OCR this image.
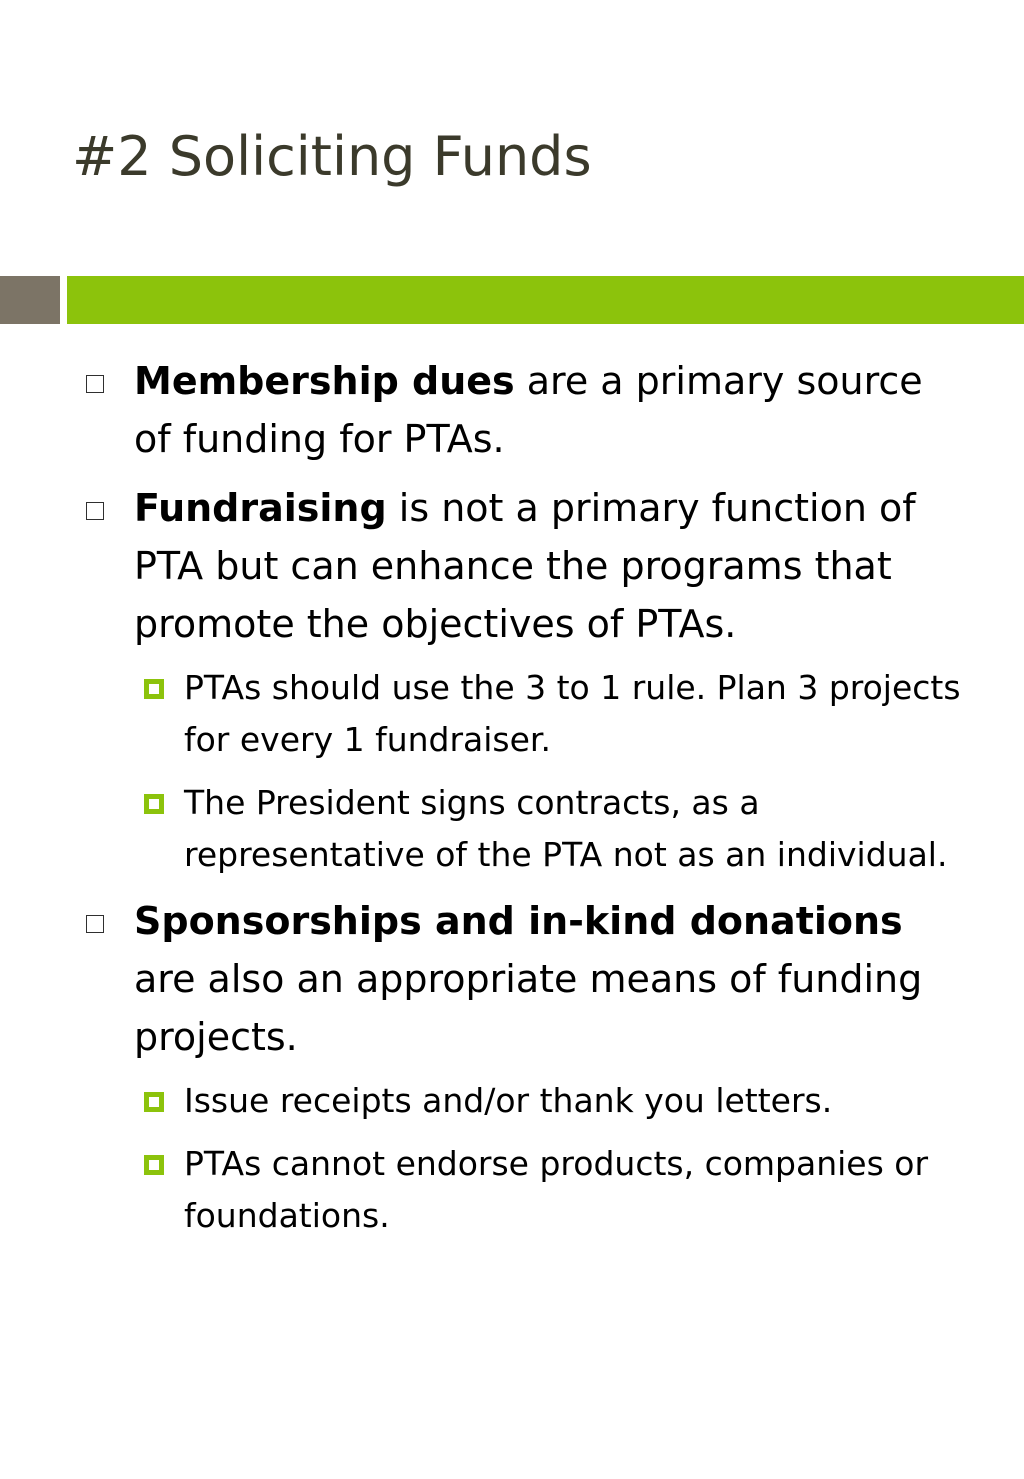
#2 Soliciting Funds
Membership dues are a primary source of funding for PTAs.
Fundraising is not a primary function of PTA but can enhance the programs that promote the objectives of PTAs.
PTAs should use the 3 to 1 rule. Plan 3 projects for every 1 fundraiser.
The President signs contracts, as a representative of the PTA not as an individual.
Sponsorships and in-kind donations are also an appropriate means of funding projects.
Issue receipts and/or thank you letters.
PTAs cannot endorse products, companies or foundations.
